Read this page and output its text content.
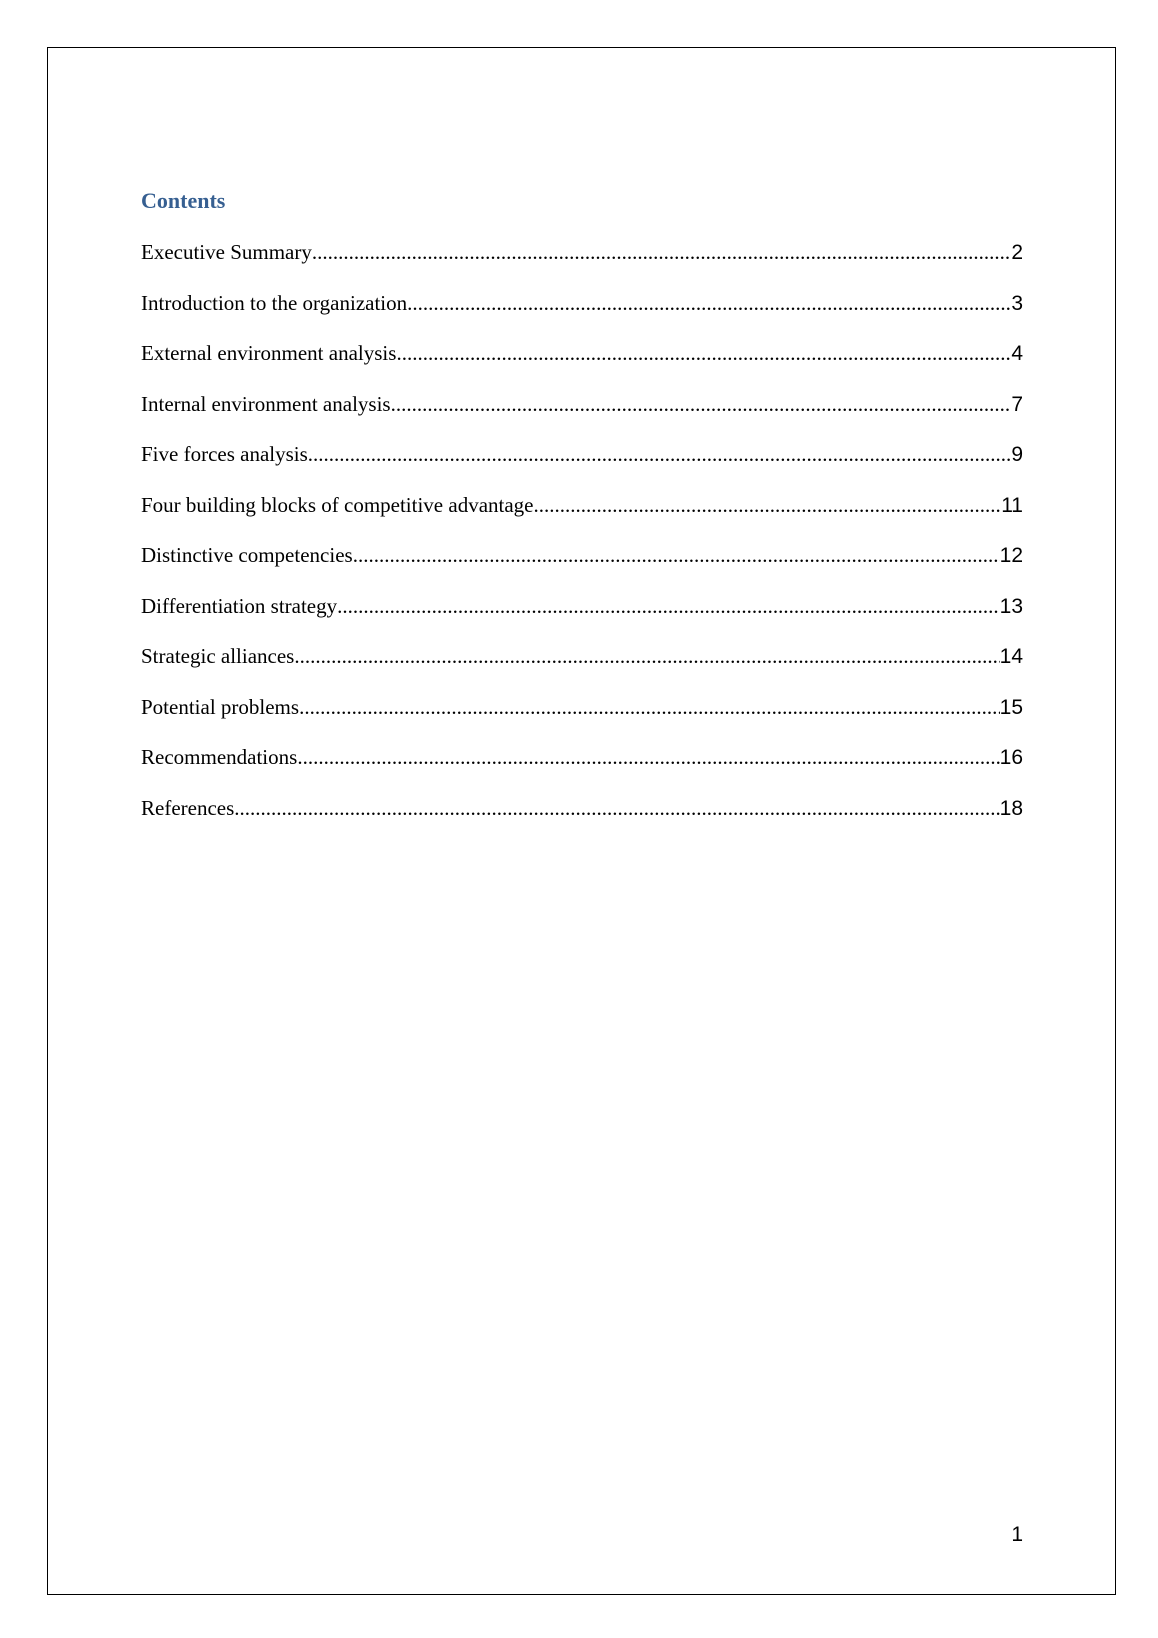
Contents
Executive Summary .....	2
Introduction to the organization .....	3
External environment analysis .....	4
Internal environment analysis .....	7
Five forces analysis .....	9
Four building blocks of competitive advantage .....	11
Distinctive competencies .....	12
Differentiation strategy .....	13
Strategic alliances .....	14
Potential problems .....	15
Recommendations .....	16
References .....	18
1
